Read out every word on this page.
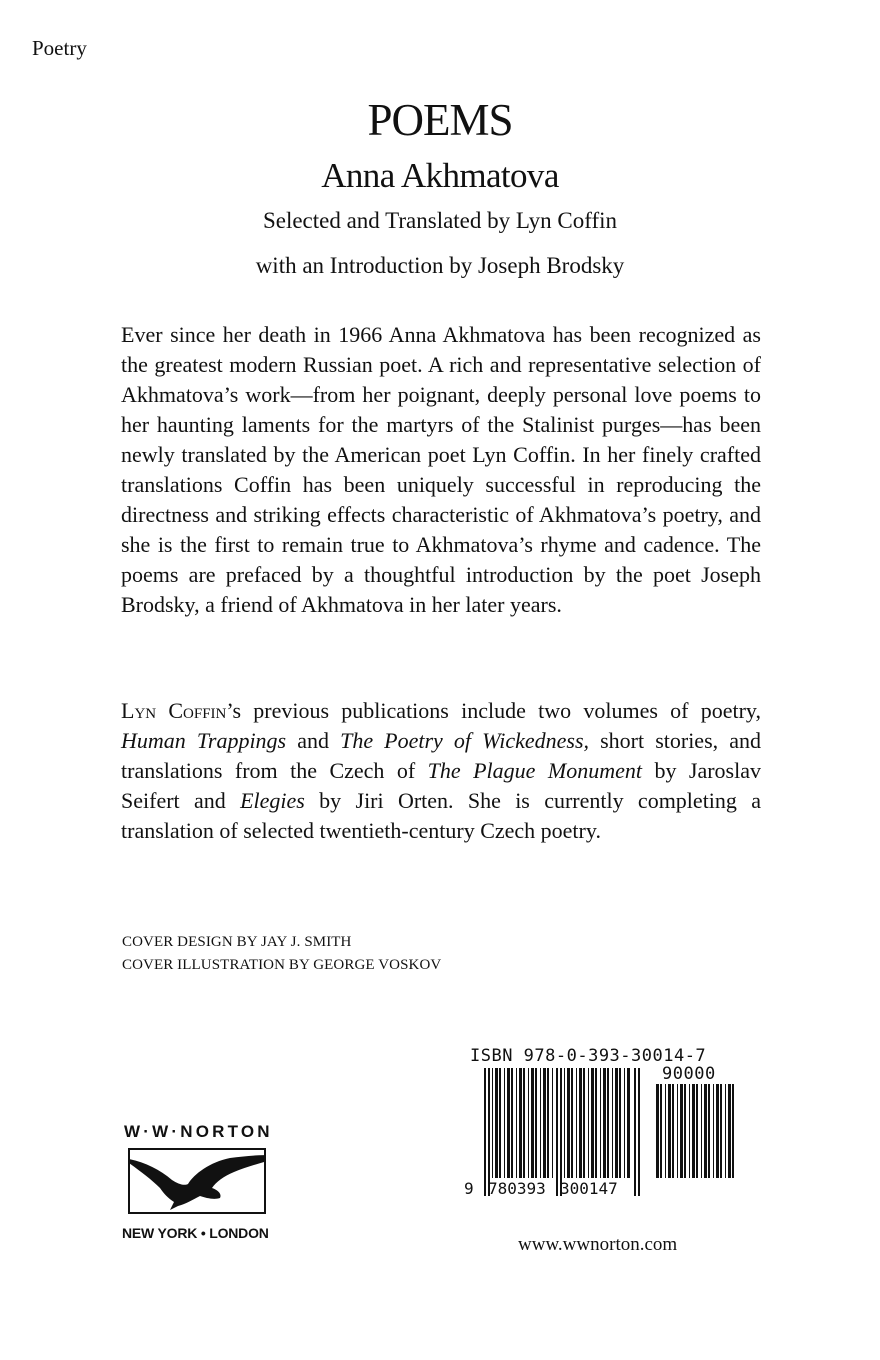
Poetry
POEMS
Anna Akhmatova
Selected and Translated by Lyn Coffin
with an Introduction by Joseph Brodsky
Ever since her death in 1966 Anna Akhmatova has been recognized as the greatest modern Russian poet. A rich and representative selection of Akhmatova’s work—from her poignant, deeply personal love poems to her haunting laments for the martyrs of the Stalinist purges—has been newly translated by the American poet Lyn Coffin. In her finely crafted translations Coffin has been uniquely successful in reproducing the directness and striking effects characteristic of Akhmatova’s poetry, and she is the first to remain true to Akhmatova’s rhyme and cadence. The poems are prefaced by a thoughtful introduction by the poet Joseph Brodsky, a friend of Akhmatova in her later years.
Lyn Coffin’s previous publications include two volumes of poetry, Human Trappings and The Poetry of Wickedness, short stories, and translations from the Czech of The Plague Monument by Jaroslav Seifert and Elegies by Jiri Orten. She is currently completing a translation of selected twentieth-century Czech poetry.
COVER DESIGN BY JAY J. SMITH
COVER ILLUSTRATION BY GEORGE VOSKOV
W·W·NORTON
NEW YORK • LONDON
ISBN 978-0-393-30014-7
90000
9 780393 300147
www.wwnorton.com
